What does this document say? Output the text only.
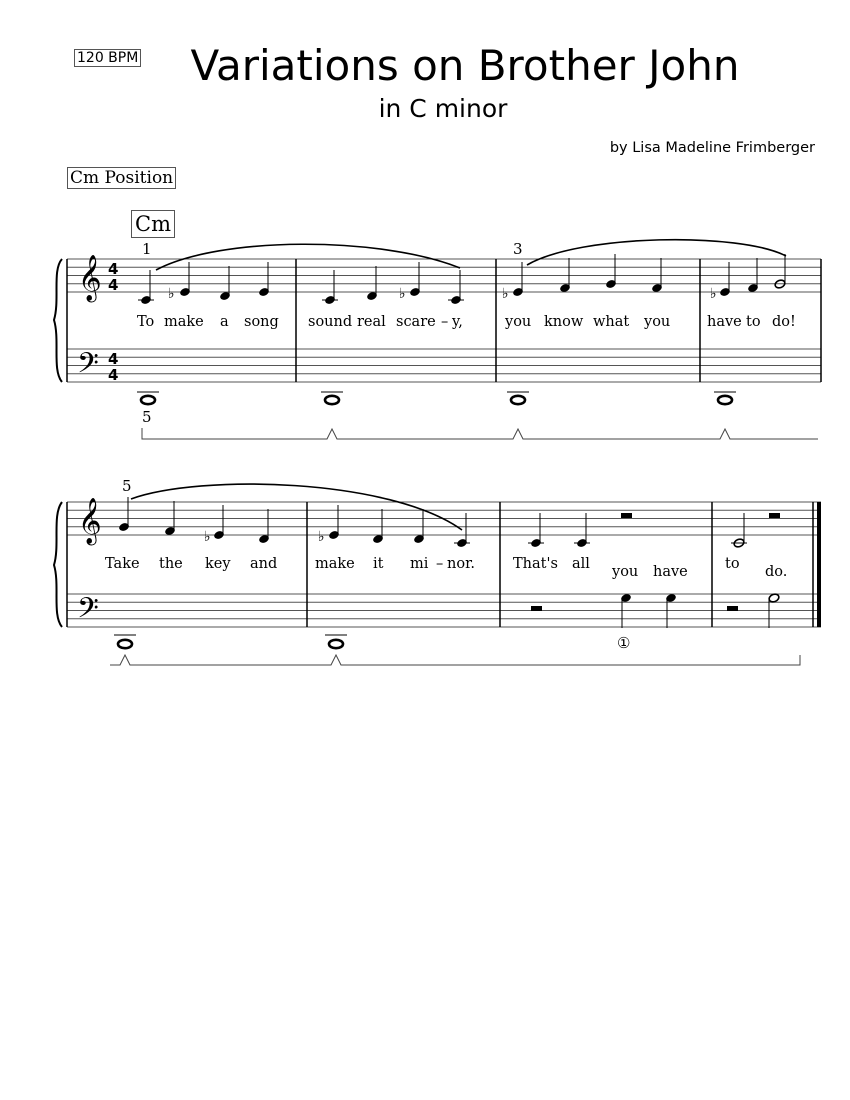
120 BPM	Variations on Brother John
in C minor
by Lisa Madeline Frimberger
Cm Position
Cm
𝄞
𝄢
4
4
4
4
♭	♭	♭	♭
𝄞
𝄢
♭	♭
1
5
3
5
①
To make a song sound real scare – y,	you know what you	have to do!
Take the key and	make it mi – nor.	That's all	to
you have	do.
